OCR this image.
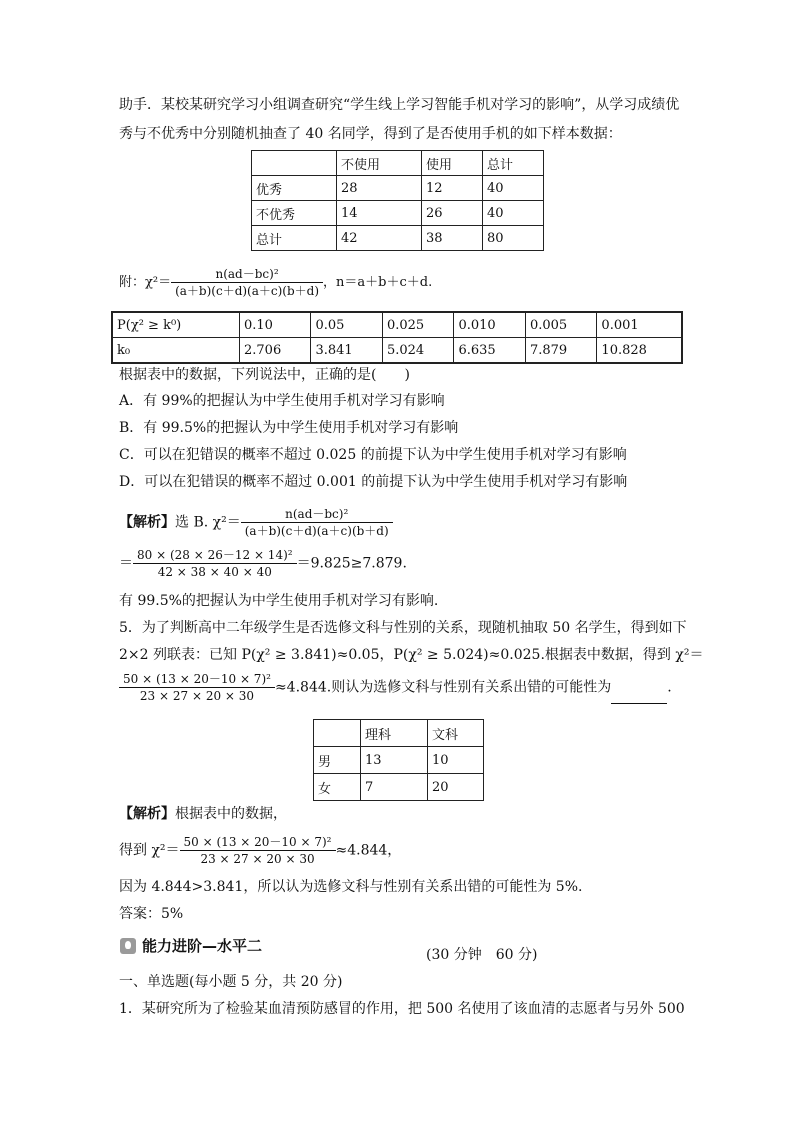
助手．某校某研究学习小组调查研究“学生线上学习智能手机对学习的影响”，从学习成绩优
秀与不优秀中分别随机抽查了 40 名同学，得到了是否使用手机的如下样本数据：
	不使用	使用	总计
优秀	28	12	40
不优秀	14	26	40
总计	42	38	80
附：$\chi^2= \frac{\text{n(ad－bc)²}}{(a+b)(c+d)(a+c)(b+d)}$ ，n＝a＋b＋c＋d.
P(χ² ≥ k⁰)	0.10	0.05	0.025	0.010	0.005	0.001
k₀	2.706	3.841	5.024	6.635	7.879	10.828
根据表中的数据，下列说法中，正确的是(　　)
A．有 99%的把握认为中学生使用手机对学习有影响
B．有 99.5%的把握认为中学生使用手机对学习有影响
C．可以在犯错误的概率不超过 0.025 的前提下认为中学生使用手机对学习有影响
D．可以在犯错误的概率不超过 0.001 的前提下认为中学生使用手机对学习有影响
【解析】选 B. $\chi^2= \frac{\text{n(ad－bc)²}}{(a+b)(c+d)(a+c)(b+d)}$
＝ $\frac{\text{80 × (28 × 26－12 × 14)²}}{42 \times 38 \times 40 \times 40} =9.825\ge 7.879$.
有 99.5%的把握认为中学生使用手机对学习有影响.
5．为了判断高中二年级学生是否选修文科与性别的关系，现随机抽取 50 名学生，得到如下
2×2 列联表：已知 P(χ² ≥ 3.841)≈0.05，P(χ² ≥ 5.024)≈0.025.根据表中数据，得到 χ²＝
$\frac{\text{50 × (13 × 20－10 × 7)²}}{23 \times 27 \times 20 \times 30} \approx 4.844$.则认为选修文科与性别有关系出错的可能性为	.
	理科	文科
男	13	10
女	7	20
【解析】根据表中的数据，
得到 $\chi^2= \frac{\text{50 × (13 × 20－10 × 7)²}}{23 \times 27 \times 20 \times 30} \approx 4.844$，
因为 4.844>3.841，所以认为选修文科与性别有关系出错的可能性为 5%.
答案：5%
能力进阶—水平二	(30 分钟　60 分)
一、单选题(每小题 5 分，共 20 分)
1．某研究所为了检验某血清预防感冒的作用，把 500 名使用了该血清的志愿者与另外 500
